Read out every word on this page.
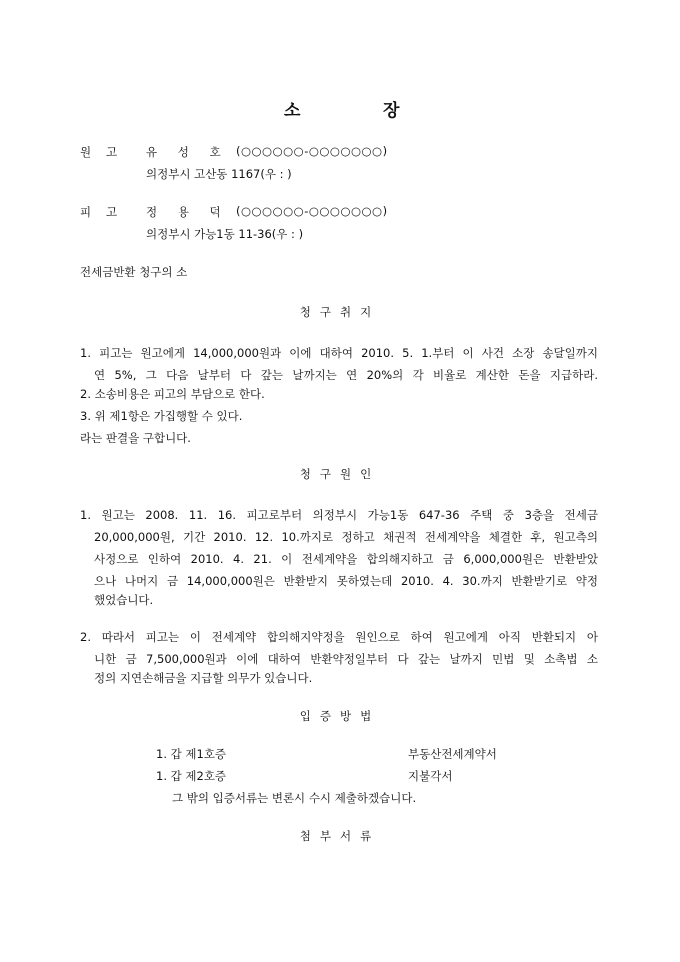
소	장
원 고	유 성 호 (○○○○○○-○○○○○○○)
의정부시 고산동 1167(우 : )
피 고	정 용 덕 (○○○○○○-○○○○○○○)
의정부시 가능1동 11-36(우 : )
전세금반환 청구의 소
청구취지
1. 피고는 원고에게 14,000,000원과 이에 대하여 2010. 5. 1.부터 이 사건 소장 송달일까지
연 5%, 그 다음 날부터 다 갚는 날까지는 연 20%의 각 비율로 계산한 돈을 지급하라.
2. 소송비용은 피고의 부담으로 한다.
3. 위 제1항은 가집행할 수 있다.
라는 판결을 구합니다.
청구원인
1. 원고는 2008. 11. 16. 피고로부터 의정부시 가능1동 647-36 주택 중 3층을 전세금
20,000,000원, 기간 2010. 12. 10.까지로 정하고 채권적 전세계약을 체결한 후, 원고측의
사정으로 인하여 2010. 4. 21. 이 전세계약을 합의해지하고 금 6,000,000원은 반환받았
으나 나머지 금 14,000,000원은 반환받지 못하였는데 2010. 4. 30.까지 반환받기로 약정
했었습니다.
2. 따라서 피고는 이 전세계약 합의해지약정을 원인으로 하여 원고에게 아직 반환되지 아
니한 금 7,500,000원과 이에 대하여 반환약정일부터 다 갚는 날까지 민법 및 소촉법 소
정의 지연손해금을 지급할 의무가 있습니다.
입증방법
1. 갑 제1호증	부동산전세계약서
1. 갑 제2호증	지불각서
그 밖의 입증서류는 변론시 수시 제출하겠습니다.
첨부서류
